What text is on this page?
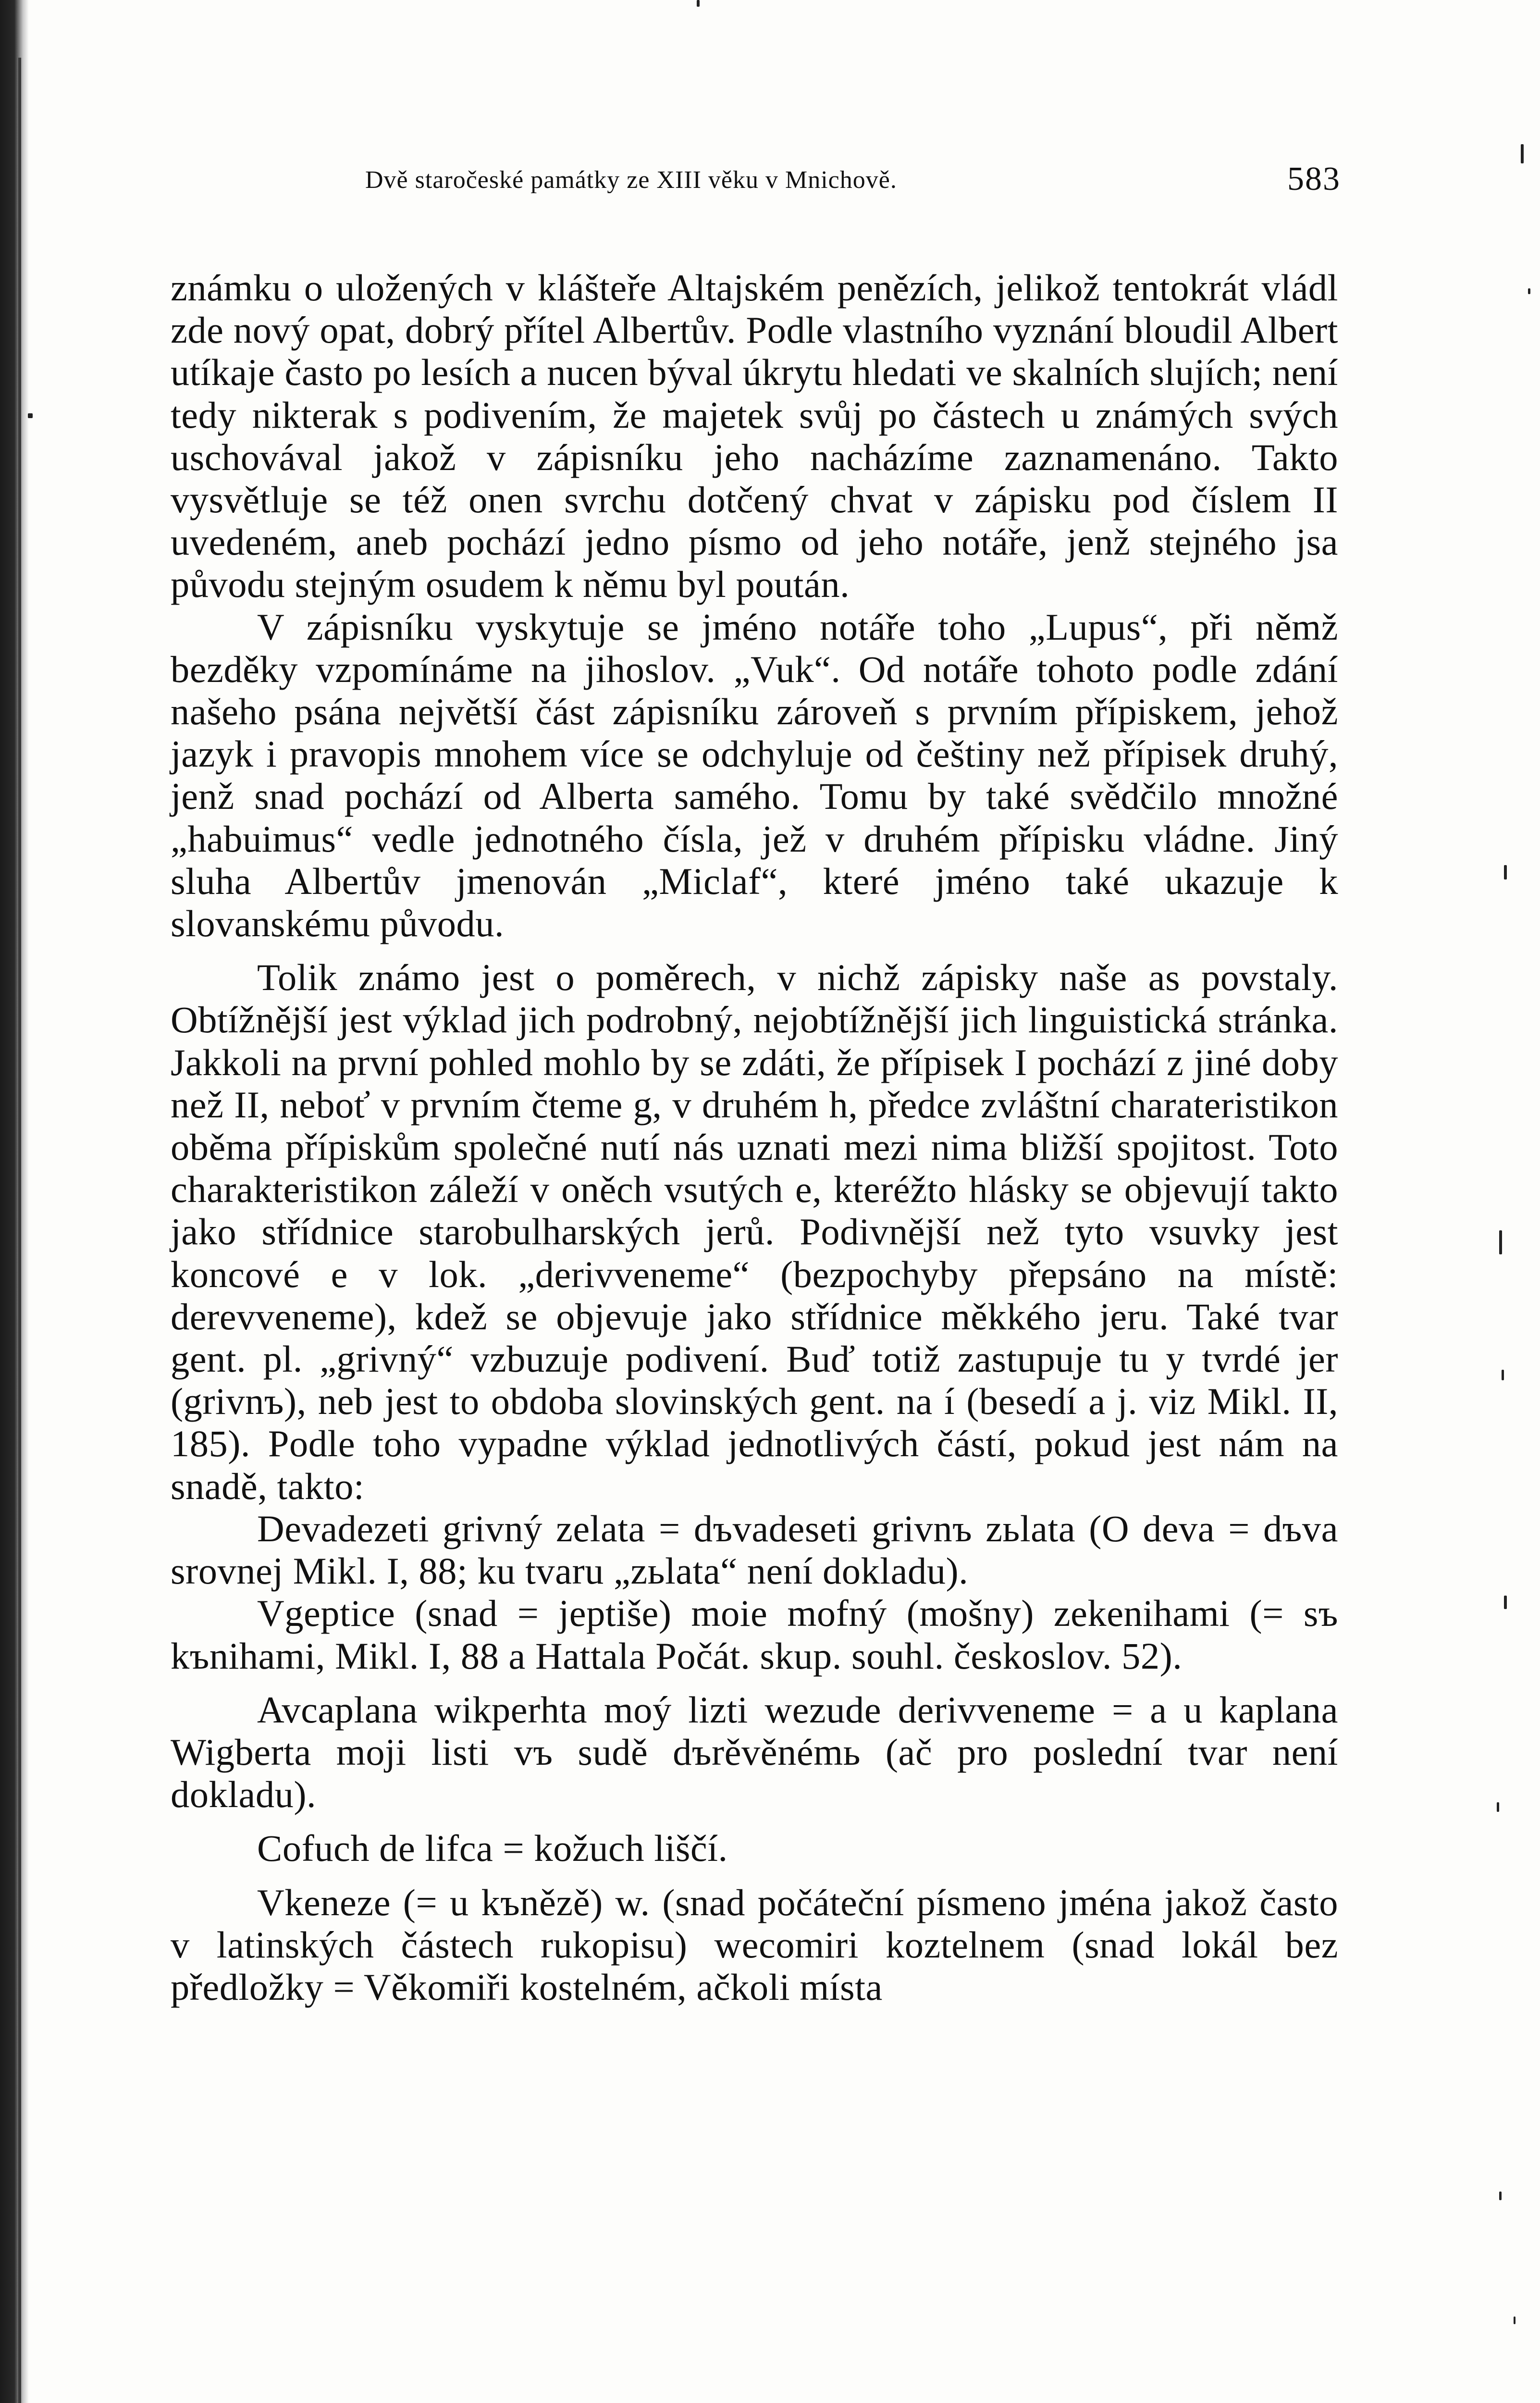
Dvě staročeské památky ze XIII věku v Mnichově.	583

známku o uložených v klášteře Altajském penězích, jelikož tentokrát vládl zde nový opat, dobrý přítel Albertův. Podle vlastního vyznání bloudil Albert utíkaje často po lesích a nucen býval úkrytu hledati ve skalních slujích; není tedy nikterak s podivením, že majetek svůj po částech u známých svých uschovával jakož v zápisníku jeho nacházíme zaznamenáno. Takto vysvětluje se též onen svrchu dotčený chvat v zápisku pod číslem II uvedeném, aneb pochází jedno písmo od jeho notáře, jenž stejného jsa původu stejným osudem k němu byl poután.

V zápisníku vyskytuje se jméno notáře toho „Lupus“, při němž bezděky vzpomínáme na jihoslov. „Vuk“. Od notáře tohoto podle zdání našeho psána největší část zápisníku zároveň s prvním přípiskem, jehož jazyk i pravopis mnohem více se odchyluje od češtiny než přípisek druhý, jenž snad pochází od Alberta samého. Tomu by také svědčilo množné „habuimus“ vedle jednotného čísla, jež v druhém přípisku vládne. Jiný sluha Albertův jmenován „Miclaf“, které jméno také ukazuje k slovanskému původu.

Tolik známo jest o poměrech, v nichž zápisky naše as povstaly. Obtížnější jest výklad jich podrobný, nejobtížnější jich linguistická stránka. Jakkoli na první pohled mohlo by se zdáti, že přípisek I pochází z jiné doby než II, neboť v prvním čteme g, v druhém h, předce zvláštní charateristikon oběma přípiskům společné nutí nás uznati mezi nima bližší spojitost. Toto charakteristikon záleží v oněch vsutých e, kteréžto hlásky se objevují takto jako střídnice starobulharských jerů. Podivnější než tyto vsuvky jest koncové e v lok. „derivveneme“ (bezpochyby přepsáno na místě: derevveneme), kdež se objevuje jako střídnice měkkého jeru. Také tvar gent. pl. „grivný“ vzbuzuje podivení. Buď totiž zastupuje tu y tvrdé jer (grivnъ), neb jest to obdoba slovinských gent. na í (besedí a j. viz Mikl. II, 185). Podle toho vypadne výklad jednotlivých částí, pokud jest nám na snadě, takto:

Devadezeti grivný zelata = dъvadeseti grivnъ zьlata (O deva = dъva srovnej Mikl. I, 88; ku tvaru „zьlata“ není dokladu).

Vgeptice (snad = jeptiše) moie mofný (mošny) zekenihami (= sъ kъnihami, Mikl. I, 88 a Hattala Počát. skup. souhl. českoslov. 52).

Avcaplana wikperhta moý lizti wezude derivveneme = a u kaplana Wigberta moji listi vъ sudě dъrěvěnémь (ač pro poslední tvar není dokladu).

Cofuch de lifca = kožuch liščí.

Vkeneze (= u kъnězě) w. (snad počáteční písmeno jména jakož často v latinských částech rukopisu) wecomiri koztelnem (snad lokál bez předložky = Věkomiři kostelném, ačkoli místa
